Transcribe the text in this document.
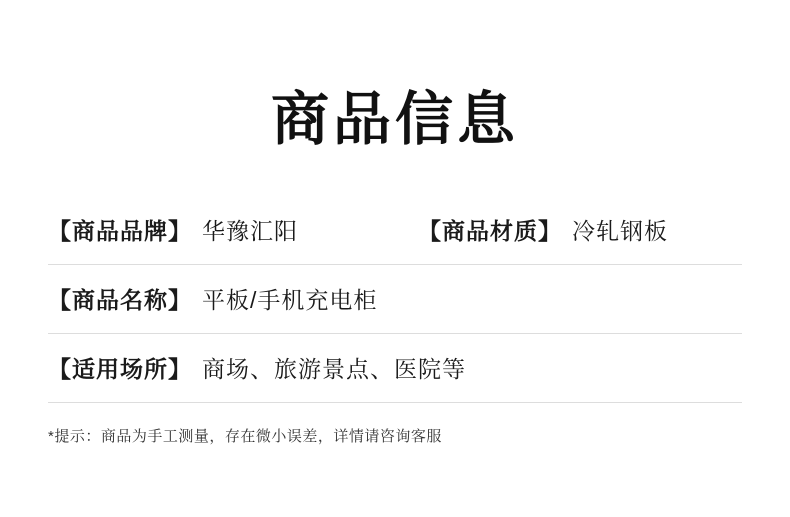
商品信息
【商品品牌】 华豫汇阳	【商品材质】 冷轧钢板
【商品名称】 平板/手机充电柜
【适用场所】 商场、旅游景点、医院等
*提示：商品为手工测量，存在微小误差，详情请咨询客服
